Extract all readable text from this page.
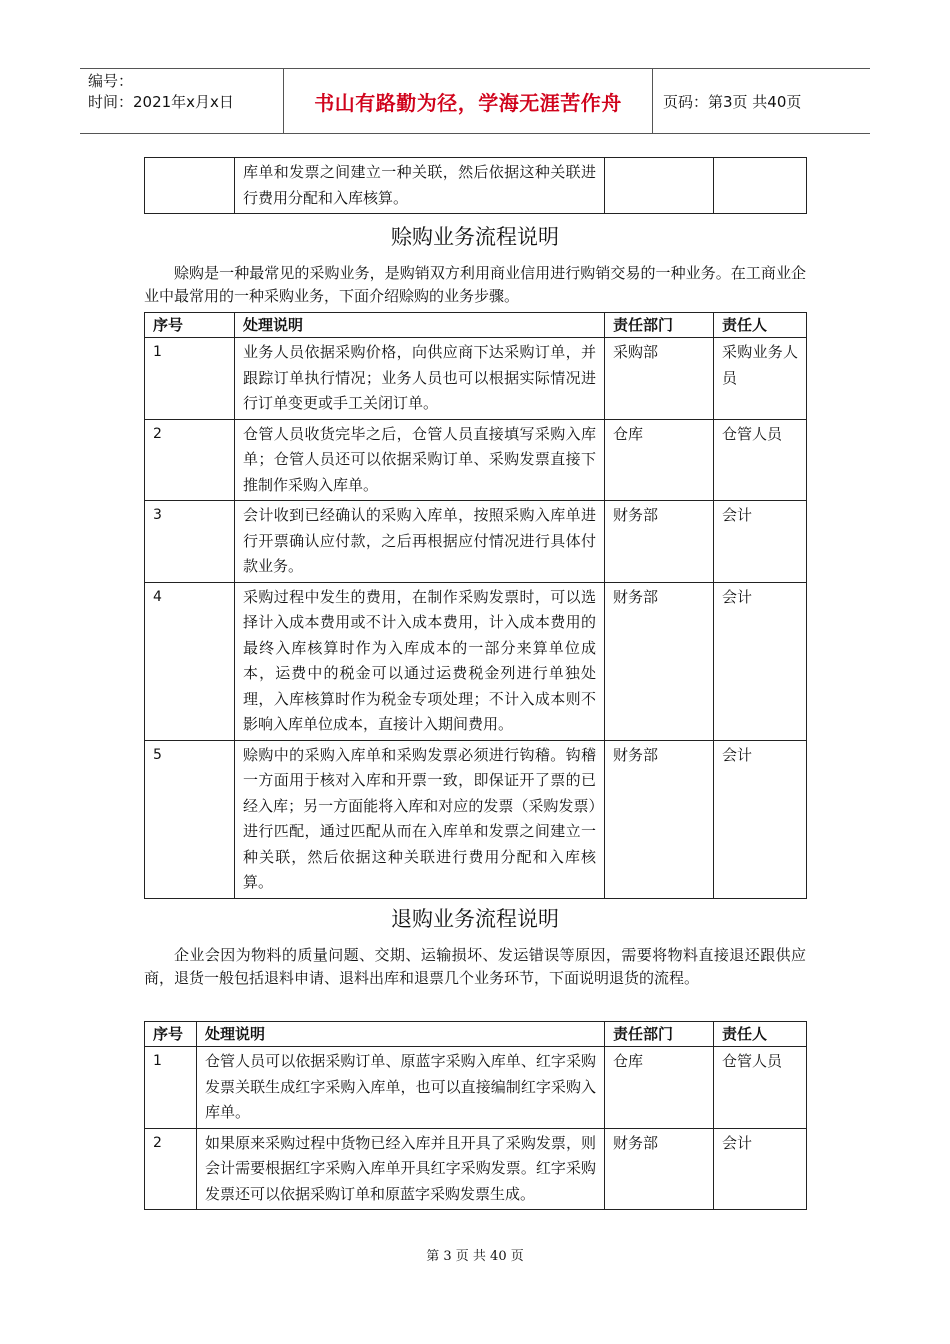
编号：
时间：2021年x月x日	书山有路勤为径，学海无涯苦作舟	页码：第3页 共40页
	库单和发票之间建立一种关联，然后依据这种关联进行费用分配和入库核算。		
赊购业务流程说明

赊购是一种最常见的采购业务，是购销双方利用商业信用进行购销交易的一种业务。在工商业企业中最常用的一种采购业务，下面介绍赊购的业务步骤。

序号	处理说明	责任部门	责任人
1	业务人员依据采购价格，向供应商下达采购订单，并跟踪订单执行情况；业务人员也可以根据实际情况进行订单变更或手工关闭订单。	采购部	采购业务人员
2	仓管人员收货完毕之后，仓管人员直接填写采购入库单；仓管人员还可以依据采购订单、采购发票直接下推制作采购入库单。	仓库	仓管人员
3	会计收到已经确认的采购入库单，按照采购入库单进行开票确认应付款，之后再根据应付情况进行具体付款业务。	财务部	会计
4	采购过程中发生的费用，在制作采购发票时，可以选择计入成本费用或不计入成本费用，计入成本费用的最终入库核算时作为入库成本的一部分来算单位成本，运费中的税金可以通过运费税金列进行单独处理，入库核算时作为税金专项处理；不计入成本则不影响入库单位成本，直接计入期间费用。	财务部	会计
5	赊购中的采购入库单和采购发票必须进行钩稽。钩稽一方面用于核对入库和开票一致，即保证开了票的已经入库；另一方面能将入库和对应的发票（采购发票）进行匹配，通过匹配从而在入库单和发票之间建立一种关联，然后依据这种关联进行费用分配和入库核算。	财务部	会计
退购业务流程说明

企业会因为物料的质量问题、交期、运输损坏、发运错误等原因，需要将物料直接退还跟供应商，退货一般包括退料申请、退料出库和退票几个业务环节，下面说明退货的流程。

序号	处理说明	责任部门	责任人
1	仓管人员可以依据采购订单、原蓝字采购入库单、红字采购发票关联生成红字采购入库单，也可以直接编制红字采购入库单。	仓库	仓管人员
2	如果原来采购过程中货物已经入库并且开具了采购发票，则会计需要根据红字采购入库单开具红字采购发票。红字采购发票还可以依据采购订单和原蓝字采购发票生成。	财务部	会计
第 3 页 共 40 页
